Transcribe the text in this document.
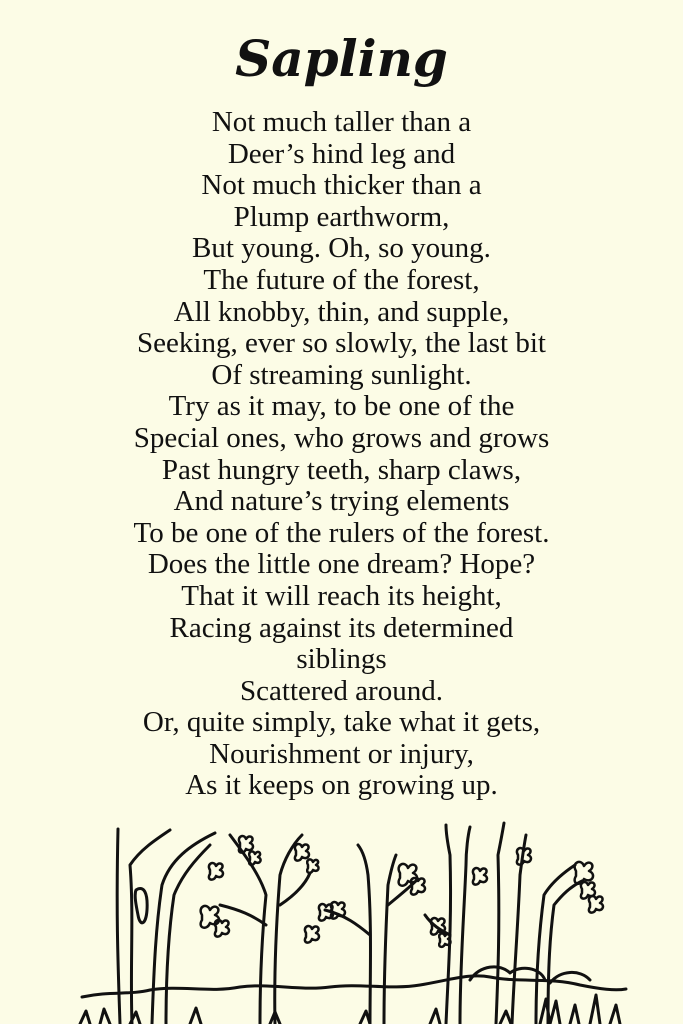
Sapling
Not much taller than a
Deer’s hind leg and
Not much thicker than a
Plump earthworm,
But young. Oh, so young.
The future of the forest,
All knobby, thin, and supple,
Seeking, ever so slowly, the last bit
Of streaming sunlight.
Try as it may, to be one of the
Special ones, who grows and grows
Past hungry teeth, sharp claws,
And nature’s trying elements
To be one of the rulers of the forest.
Does the little one dream? Hope?
That it will reach its height,
Racing against its determined
siblings
Scattered around.
Or, quite simply, take what it gets,
Nourishment or injury,
As it keeps on growing up.
